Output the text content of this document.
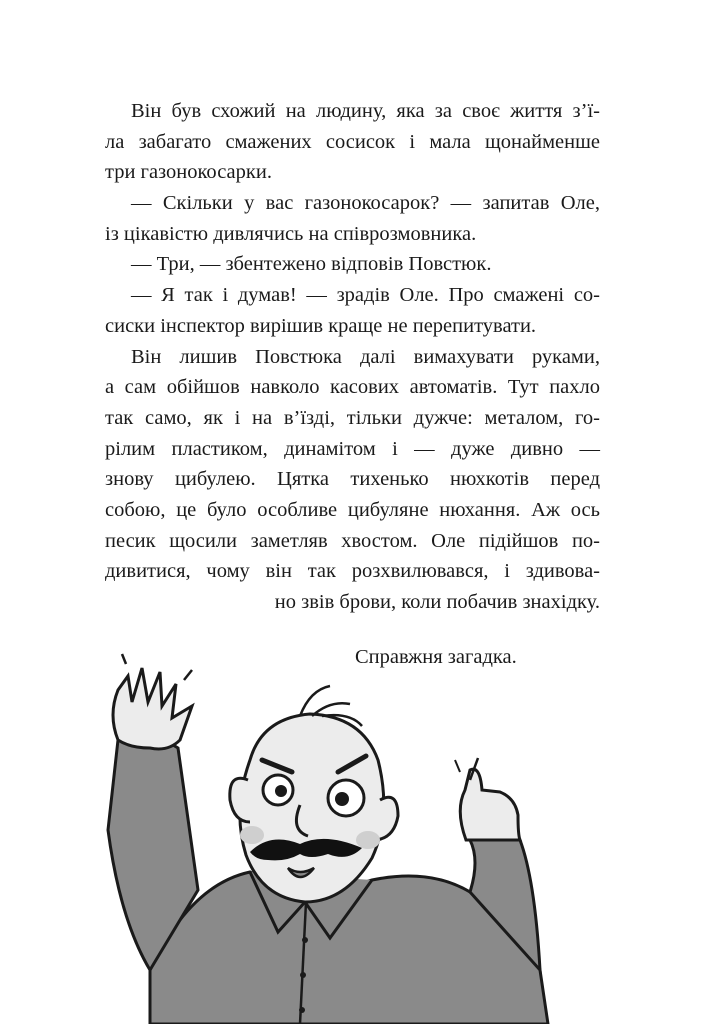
Він був схожий на людину, яка за своє життя з’ї-
ла забагато смажених сосисок і мала щонайменше
три газонокосарки.
— Скільки у вас газонокосарок? — запитав Оле,
із цікавістю дивлячись на співрозмовника.
— Три, — збентежено відповів Повстюк.
— Я так і думав! — зрадів Оле. Про смажені со-
сиски інспектор вирішив краще не перепитувати.
Він лишив Повстюка далі вимахувати руками,
а сам обійшов навколо касових автоматів. Тут пахло
так само, як і на в’їзді, тільки дужче: металом, го-
рілим пластиком, динамітом і — дуже дивно —
знову цибулею. Цятка тихенько нюхкотів перед
собою, це було особливе цибуляне нюхання. Аж ось
песик щосили заметляв хвостом. Оле підійшов по-
дивитися, чому він так розхвилювався, і здивова-
но звів брови, коли побачив знахідку.
Справжня загадка.
